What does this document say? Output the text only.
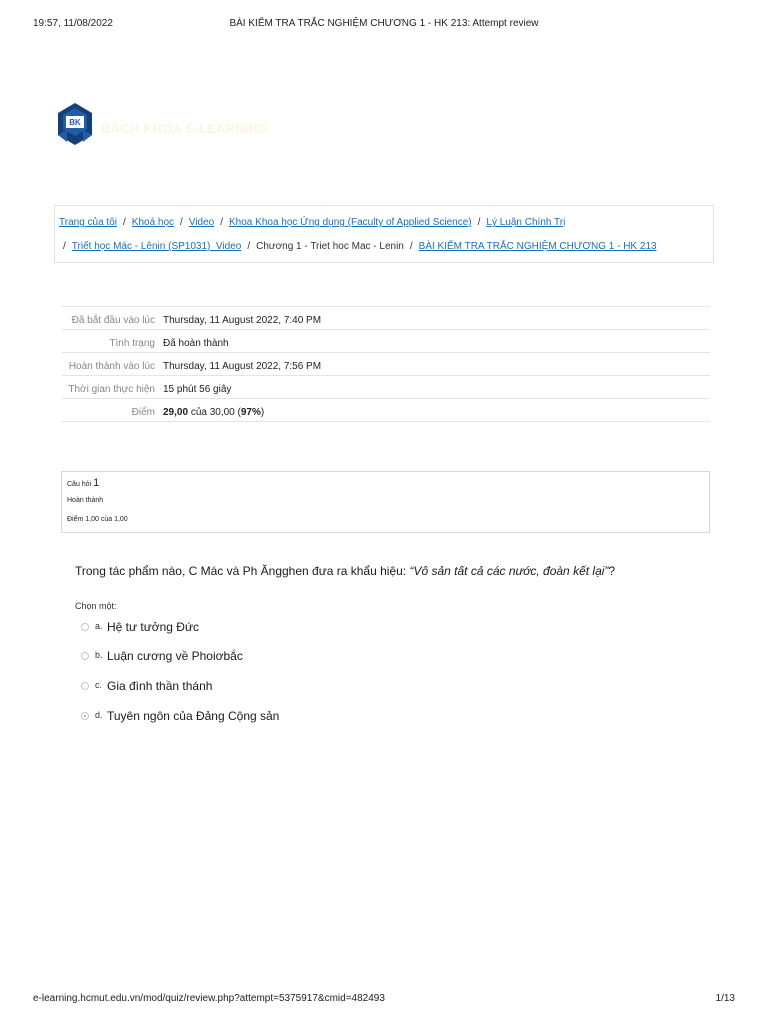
19:57, 11/08/2022	BÀI KIỂM TRA TRẮC NGHIỆM CHƯƠNG 1 - HK 213: Attempt review
BK BÁCH KHOA E-LEARNING
Trang của tôi / Khoá học / Video / Khoa Khoa học Ứng dụng (Faculty of Applied Science) / Lý Luận Chính Trị
/ Triết học Mác - Lênin (SP1031)_Video / Chương 1 - Triet hoc Mac - Lenin / BÀI KIỂM TRA TRẮC NGHIỆM CHƯƠNG 1 - HK 213
Đã bắt đầu vào lúc	Thursday, 11 August 2022, 7:40 PM
Tình trạng	Đã hoàn thành
Hoàn thành vào lúc	Thursday, 11 August 2022, 7:56 PM
Thời gian thực hiện	15 phút 56 giây
Điểm	29,00 của 30,00 (97%)
Câu hỏi 1
Hoàn thành
Điểm 1,00 của 1,00
Trong tác phẩm nào, C Mác và Ph Ăngghen đưa ra khẩu hiệu: “Vô sản tất cả các nước, đoàn kết lại”?
Chọn một:
a. Hệ tư tưởng Đức
b. Luận cương về Phoiơbắc
c. Gia đình thần thánh
d. Tuyên ngôn của Đảng Cộng sản
e-learning.hcmut.edu.vn/mod/quiz/review.php?attempt=5375917&cmid=482493	1/13
